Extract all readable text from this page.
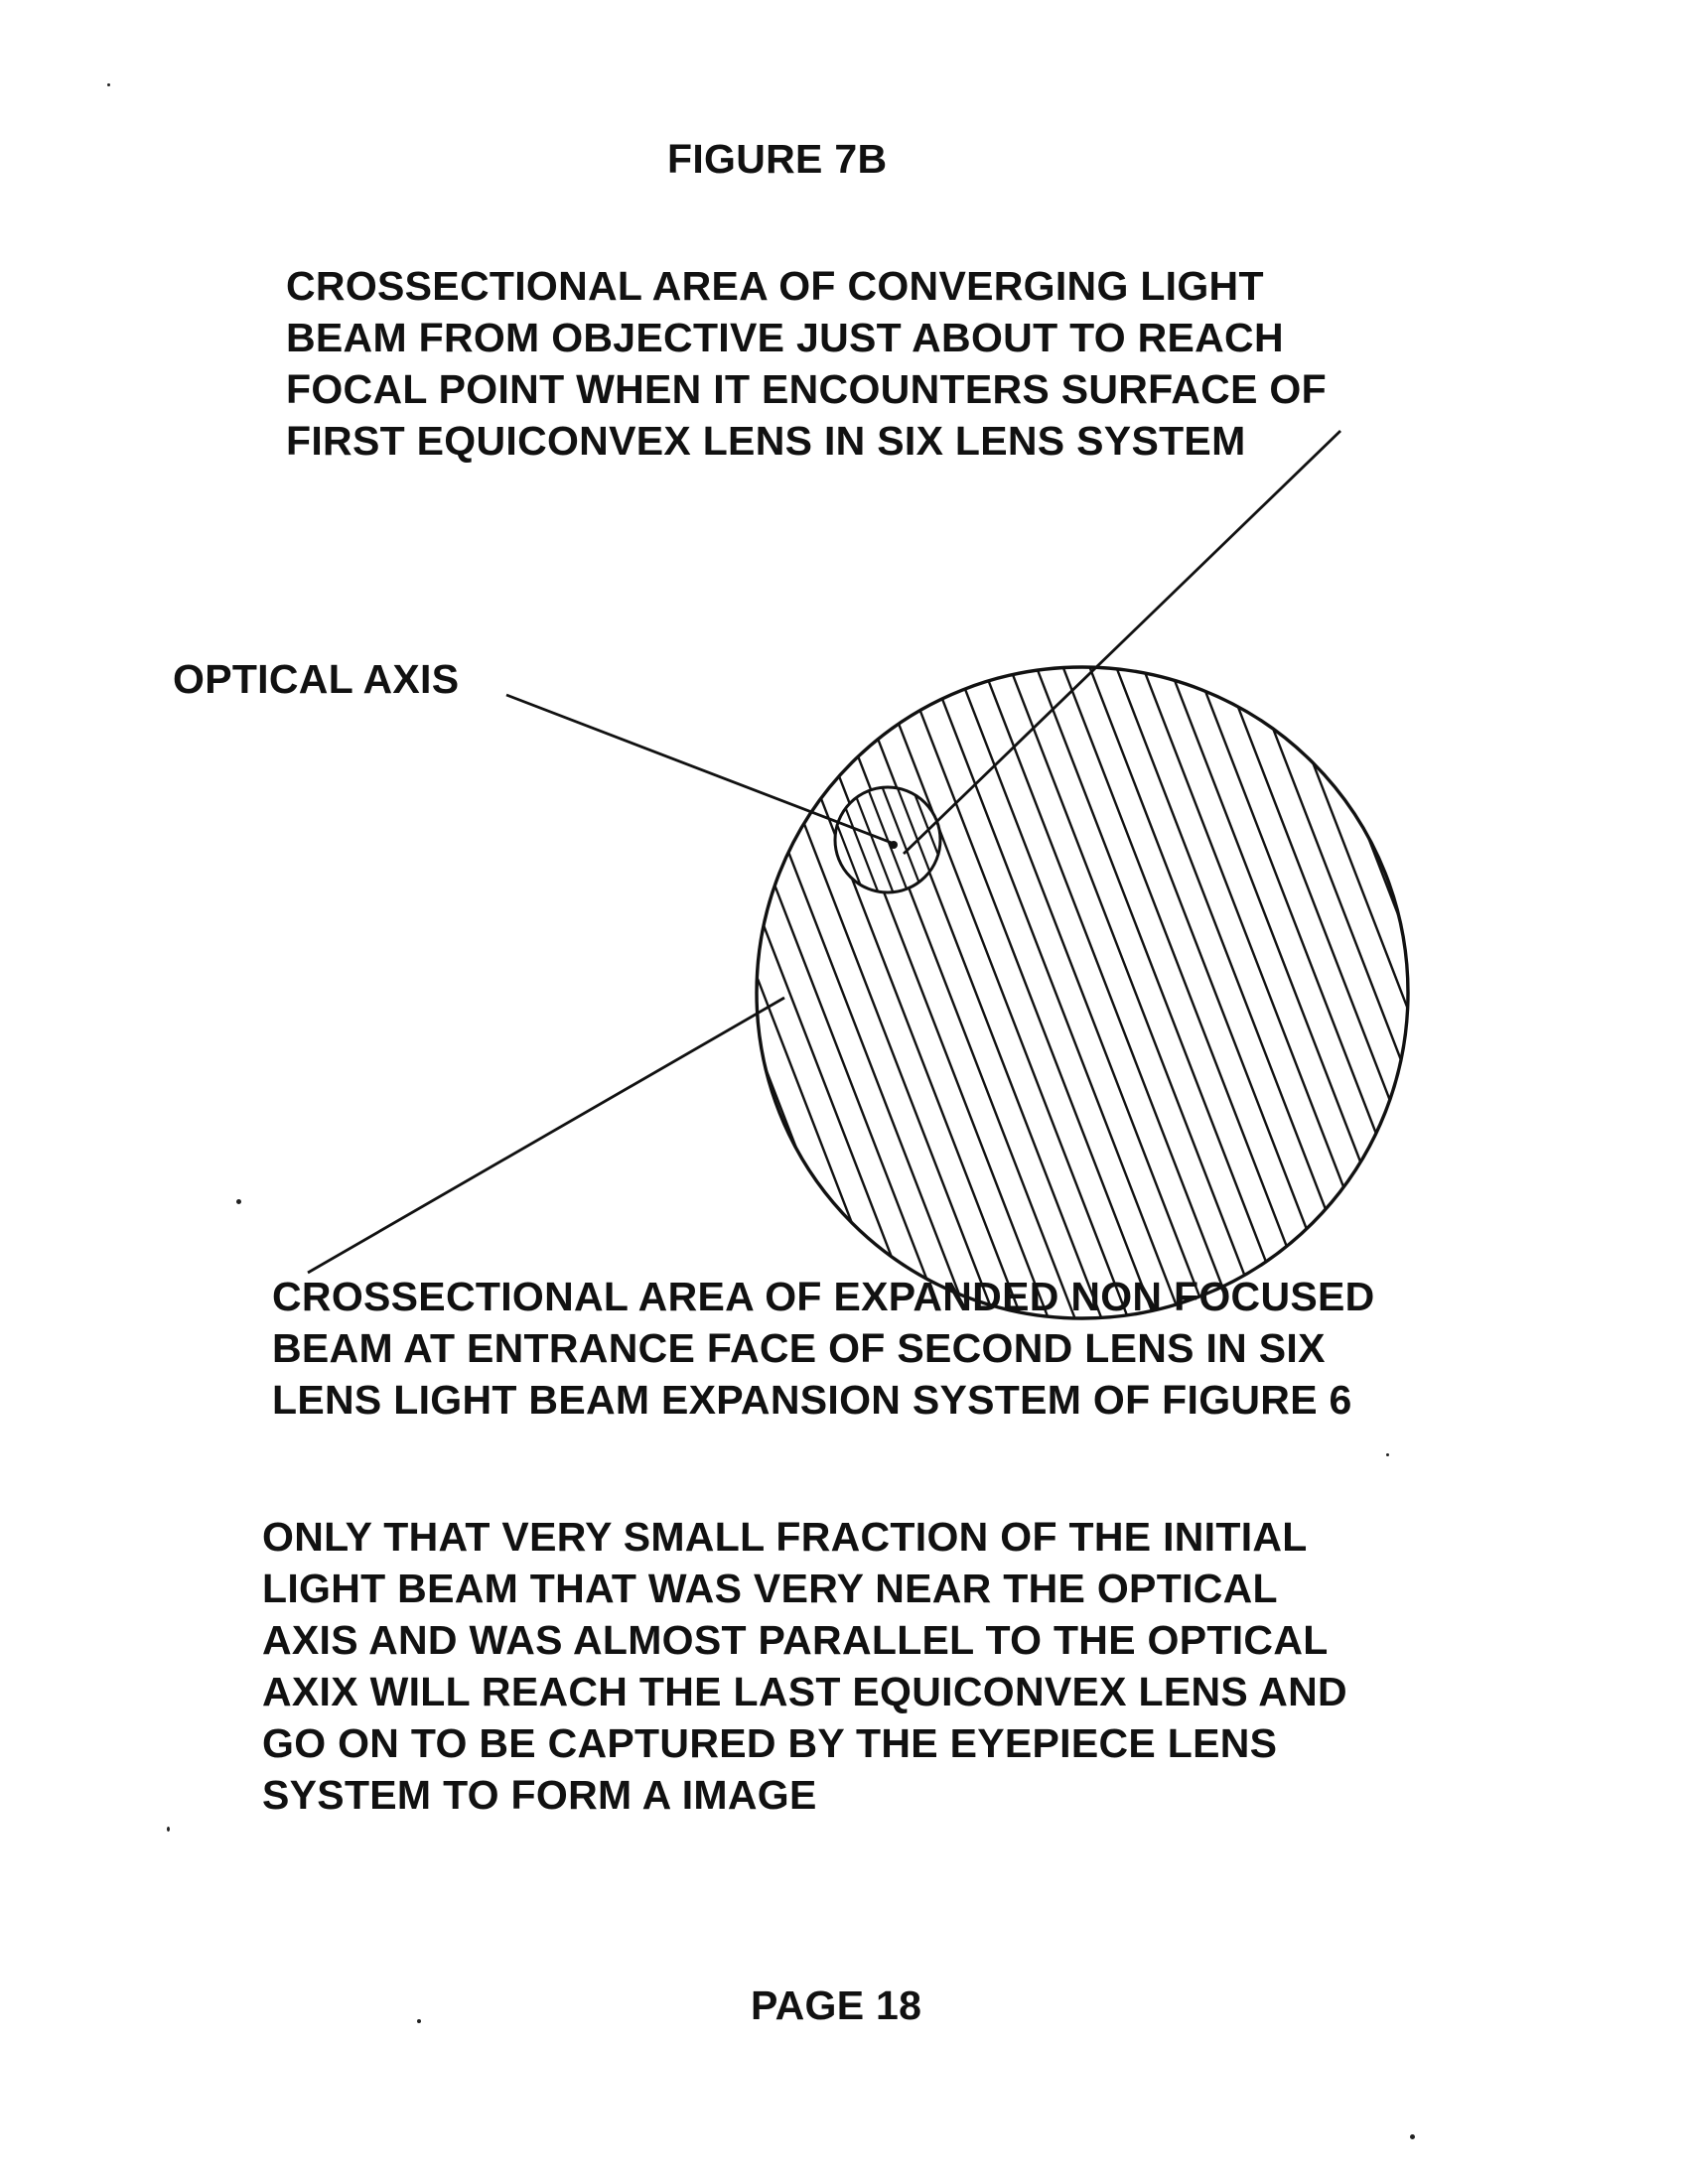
FIGURE 7B
CROSSECTIONAL AREA OF CONVERGING LIGHT
BEAM FROM OBJECTIVE JUST ABOUT TO REACH
FOCAL POINT WHEN IT ENCOUNTERS SURFACE OF
FIRST EQUICONVEX LENS IN SIX LENS SYSTEM
OPTICAL AXIS
CROSSECTIONAL AREA OF EXPANDED NON FOCUSED
BEAM AT ENTRANCE FACE OF SECOND LENS IN SIX
LENS LIGHT BEAM EXPANSION SYSTEM OF FIGURE 6
ONLY THAT VERY SMALL FRACTION OF THE INITIAL
LIGHT BEAM THAT WAS VERY NEAR THE OPTICAL
AXIS AND WAS ALMOST PARALLEL TO THE OPTICAL
AXIX WILL REACH THE LAST EQUICONVEX LENS AND
GO ON TO BE CAPTURED BY THE EYEPIECE LENS
SYSTEM TO FORM A IMAGE
PAGE 18
